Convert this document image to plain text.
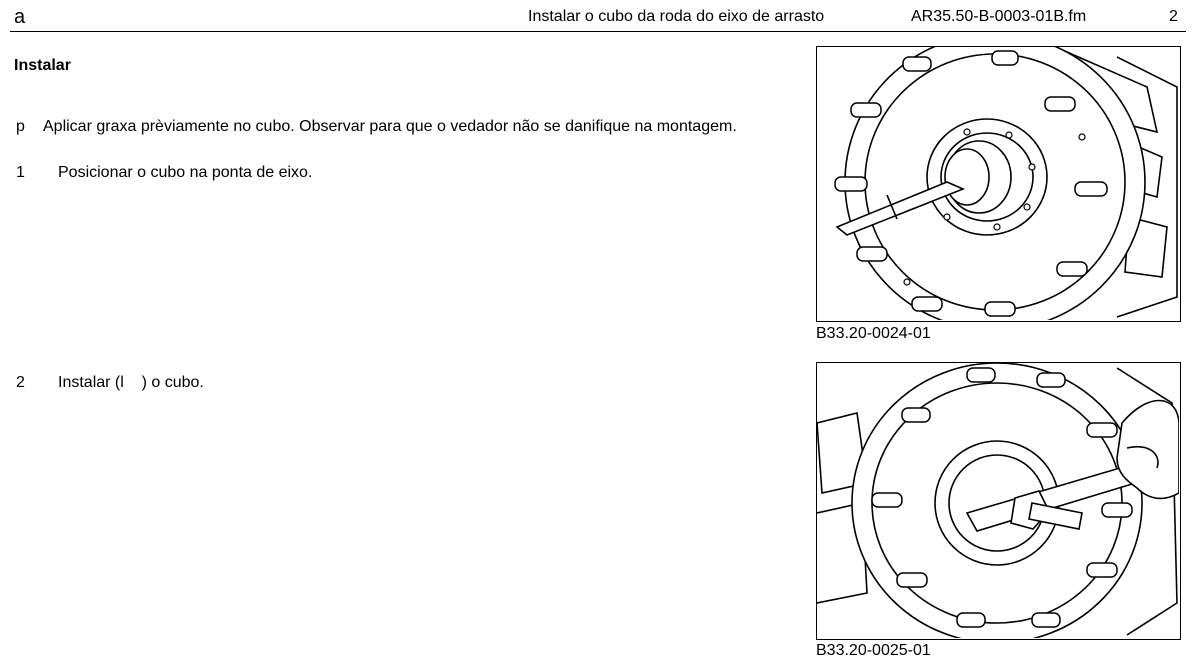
a	Instalar o cubo da roda do eixo de arrasto	AR35.50-B-0003-01B.fm	2
Instalar
p Aplicar graxa prèviamente no cubo. Observar para que o vedador não se danifique na montagem.
1 Posicionar o cubo na ponta de eixo.
2 Instalar (l    ) o cubo.
B33.20-0024-01
B33.20-0025-01
